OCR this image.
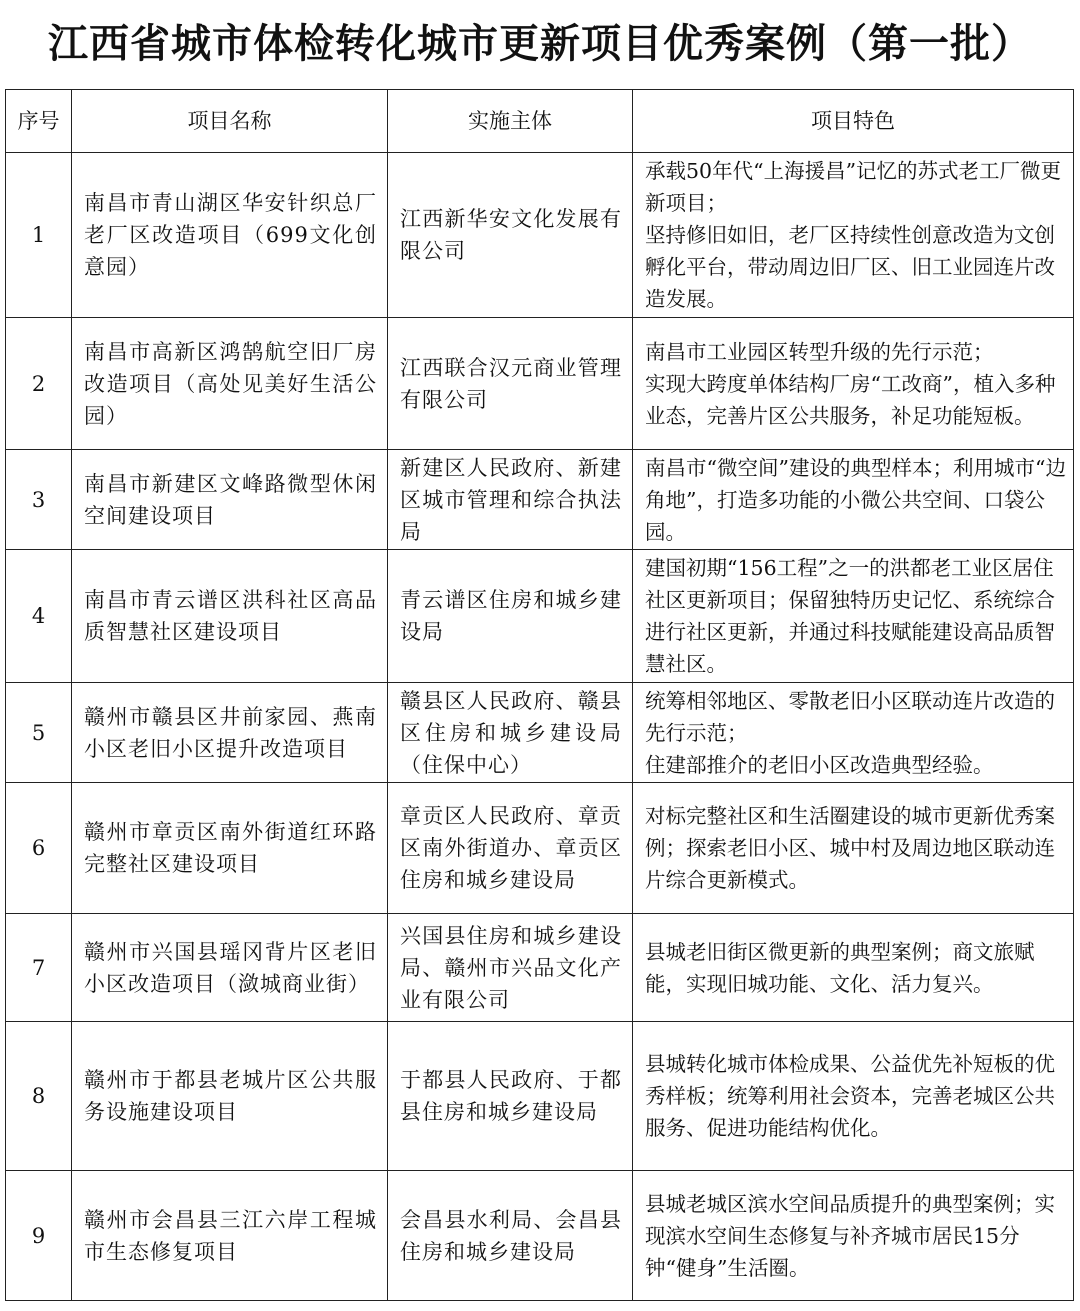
江西省城市体检转化城市更新项目优秀案例（第一批）
序号	项目名称	实施主体	项目特色
1	南昌市青山湖区华安针织总厂老厂区改造项目（699文化创意园）	江西新华安文化发展有限公司	承载50年代“上海援昌”记忆的苏式老工厂微更新项目；
坚持修旧如旧，老厂区持续性创意改造为文创孵化平台，带动周边旧厂区、旧工业园连片改造发展。

2	南昌市高新区鸿鹄航空旧厂房改造项目（高处见美好生活公园）	江西联合汉元商业管理有限公司	南昌市工业园区转型升级的先行示范；
实现大跨度单体结构厂房“工改商”，植入多种业态，完善片区公共服务，补足功能短板。

3	南昌市新建区文峰路微型休闲空间建设项目	新建区人民政府、新建区城市管理和综合执法局	南昌市“微空间”建设的典型样本；利用城市“边角地”，打造多功能的小微公共空间、口袋公园。

4	南昌市青云谱区洪科社区高品质智慧社区建设项目	青云谱区住房和城乡建设局	建国初期“156工程”之一的洪都老工业区居住社区更新项目；保留独特历史记忆、系统综合进行社区更新，并通过科技赋能建设高品质智慧社区。

5	赣州市赣县区井前家园、燕南小区老旧小区提升改造项目	赣县区人民政府、赣县区住房和城乡建设局（住保中心）	统筹相邻地区、零散老旧小区联动连片改造的先行示范；
住建部推介的老旧小区改造典型经验。

6	赣州市章贡区南外街道红环路完整社区建设项目	章贡区人民政府、章贡区南外街道办、章贡区住房和城乡建设局	对标完整社区和生活圈建设的城市更新优秀案例；探索老旧小区、城中村及周边地区联动连片综合更新模式。

7	赣州市兴国县瑶冈背片区老旧小区改造项目（潋城商业街）	兴国县住房和城乡建设局、赣州市兴品文化产业有限公司	县城老旧街区微更新的典型案例；商文旅赋能，实现旧城功能、文化、活力复兴。

8	赣州市于都县老城片区公共服务设施建设项目	于都县人民政府、于都县住房和城乡建设局	县城转化城市体检成果、公益优先补短板的优秀样板；统筹利用社会资本，完善老城区公共服务、促进功能结构优化。

9	赣州市会昌县三江六岸工程城市生态修复项目	会昌县水利局、会昌县住房和城乡建设局	县城老城区滨水空间品质提升的典型案例；实现滨水空间生态修复与补齐城市居民15分钟“健身”生活圈。
